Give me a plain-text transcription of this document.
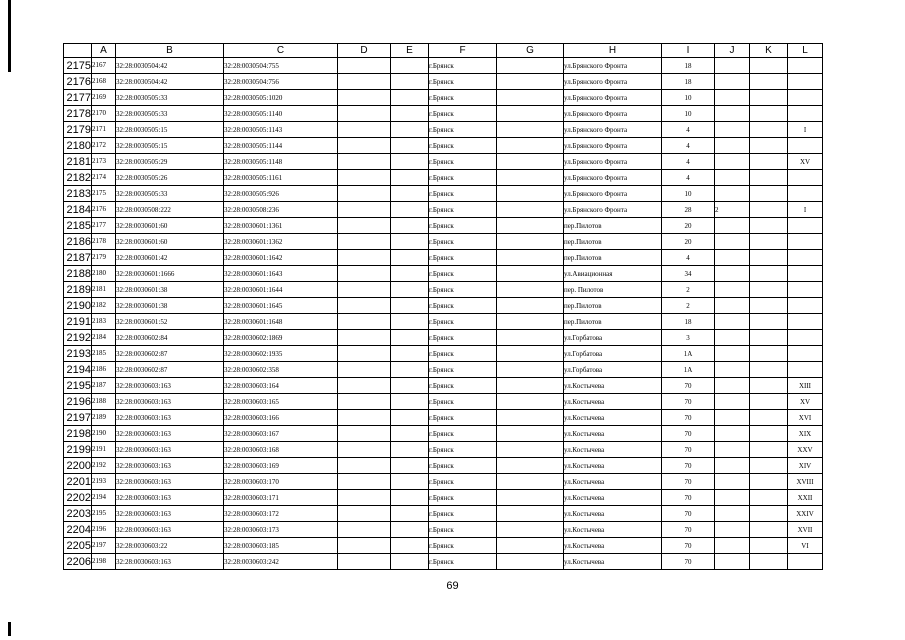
	A	B	C	D	E	F	G	H	I	J	K	L
2175	2167	32:28:0030504:42	32:28:0030504:755			г.Брянск		ул.Брянского Фронта	18			
2176	2168	32:28:0030504:42	32:28:0030504:756			г.Брянск		ул.Брянского Фронта	18			
2177	2169	32:28:0030505:33	32:28:0030505:1020			г.Брянск		ул.Брянского Фронта	10			
2178	2170	32:28:0030505:33	32:28:0030505:1140			г.Брянск		ул.Брянского Фронта	10			
2179	2171	32:28:0030505:15	32:28:0030505:1143			г.Брянск		ул.Брянского Фронта	4			I
2180	2172	32:28:0030505:15	32:28:0030505:1144			г.Брянск		ул.Брянского Фронта	4			
2181	2173	32:28:0030505:29	32:28:0030505:1148			г.Брянск		ул.Брянского Фронта	4			XV
2182	2174	32:28:0030505:26	32:28:0030505:1161			г.Брянск		ул.Брянского Фронта	4			
2183	2175	32:28:0030505:33	32:28:0030505:926			г.Брянск		ул.Брянского Фронта	10			
2184	2176	32:28:0030508:222	32:28:0030508:236			г.Брянск		ул.Брянского Фронта	28	2		I
2185	2177	32:28:0030601:60	32:28:0030601:1361			г.Брянск		пер.Пилотов	20			
2186	2178	32:28:0030601:60	32:28:0030601:1362			г.Брянск		пер.Пилотов	20			
2187	2179	32:28:0030601:42	32:28:0030601:1642			г.Брянск		пер.Пилотов	4			
2188	2180	32:28:0030601:1666	32:28:0030601:1643			г.Брянск		ул.Авиационная	34			
2189	2181	32:28:0030601:38	32:28:0030601:1644			г.Брянск		пер. Пилотов	2			
2190	2182	32:28:0030601:38	32:28:0030601:1645			г.Брянск		пер.Пилотов	2			
2191	2183	32:28:0030601:52	32:28:0030601:1648			г.Брянск		пер.Пилотов	18			
2192	2184	32:28:0030602:84	32:28:0030602:1869			г.Брянск		ул.Горбатова	3			
2193	2185	32:28:0030602:87	32:28:0030602:1935			г.Брянск		ул.Горбатова	1А			
2194	2186	32:28:0030602:87	32:28:0030602:358			г.Брянск		ул.Горбатова	1А			
2195	2187	32:28:0030603:163	32:28:0030603:164			г.Брянск		ул.Костычева	70			XIII
2196	2188	32:28:0030603:163	32:28:0030603:165			г.Брянск		ул.Костычева	70			XV
2197	2189	32:28:0030603:163	32:28:0030603:166			г.Брянск		ул.Костычева	70			XVI
2198	2190	32:28:0030603:163	32:28:0030603:167			г.Брянск		ул.Костычева	70			XIX
2199	2191	32:28:0030603:163	32:28:0030603:168			г.Брянск		ул.Костычева	70			XXV
2200	2192	32:28:0030603:163	32:28:0030603:169			г.Брянск		ул.Костычева	70			XIV
2201	2193	32:28:0030603:163	32:28:0030603:170			г.Брянск		ул.Костычева	70			XVIII
2202	2194	32:28:0030603:163	32:28:0030603:171			г.Брянск		ул.Костычева	70			XXII
2203	2195	32:28:0030603:163	32:28:0030603:172			г.Брянск		ул.Костычева	70			XXIV
2204	2196	32:28:0030603:163	32:28:0030603:173			г.Брянск		ул.Костычева	70			XVII
2205	2197	32:28:0030603:22	32:28:0030603:185			г.Брянск		ул.Костычева	70			VI
2206	2198	32:28:0030603:163	32:28:0030603:242			г.Брянск		ул.Костычева	70			
69
